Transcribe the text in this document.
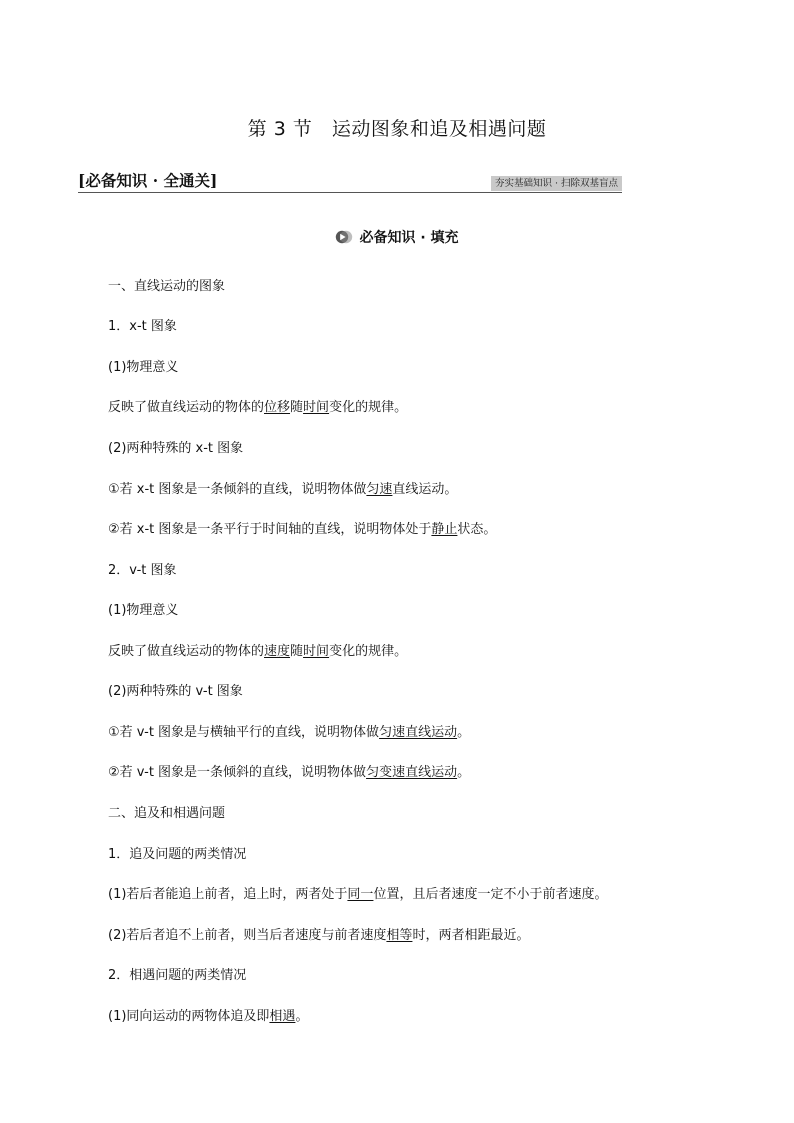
第 3 节　运动图象和追及相遇问题
[必备知识 · 全通关]	夯实基础知识 · 扫除双基盲点
必备知识 · 填充
一、直线运动的图象
1．x-t 图象
(1)物理意义
反映了做直线运动的物体的位移随时间变化的规律。
(2)两种特殊的 x-t 图象
①若 x-t 图象是一条倾斜的直线，说明物体做匀速直线运动。
②若 x-t 图象是一条平行于时间轴的直线，说明物体处于静止状态。
2．v-t 图象
(1)物理意义
反映了做直线运动的物体的速度随时间变化的规律。
(2)两种特殊的 v-t 图象
①若 v-t 图象是与横轴平行的直线，说明物体做匀速直线运动。
②若 v-t 图象是一条倾斜的直线，说明物体做匀变速直线运动。
二、追及和相遇问题
1．追及问题的两类情况
(1)若后者能追上前者，追上时，两者处于同一位置，且后者速度一定不小于前者速度。
(2)若后者追不上前者，则当后者速度与前者速度相等时，两者相距最近。
2．相遇问题的两类情况
(1)同向运动的两物体追及即相遇。
